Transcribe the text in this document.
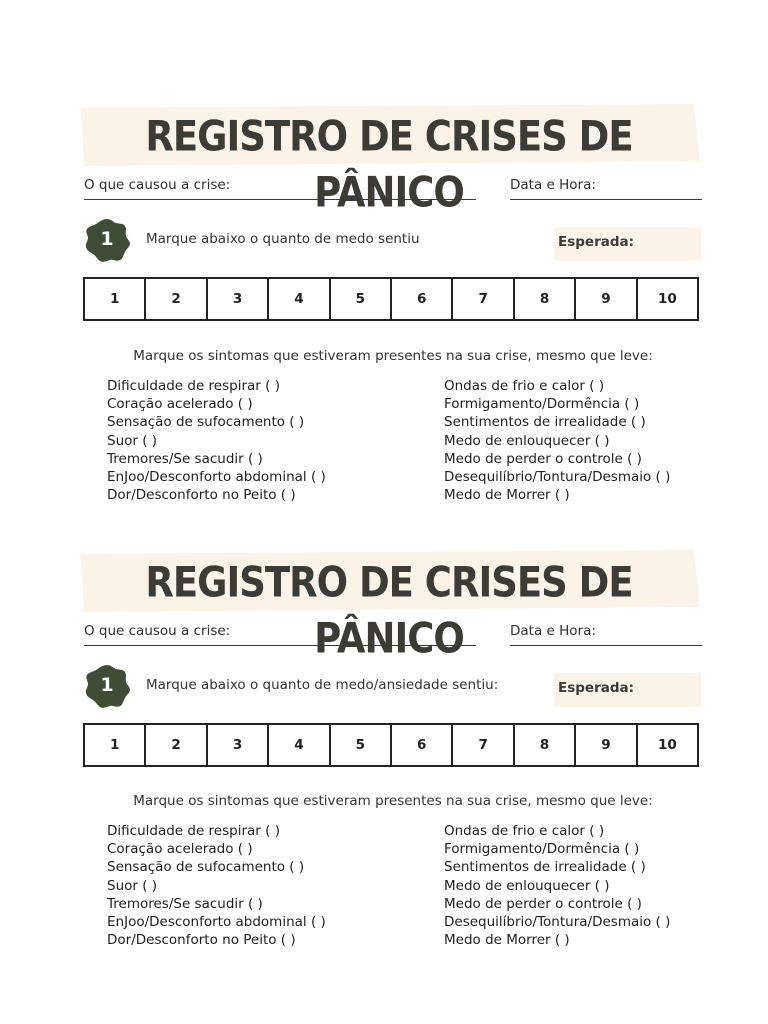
REGISTRO DE CRISES DE PÂNICO
O que causou a crise:	Data e Hora:
1	Marque abaixo o quanto de medo sentiu	Esperada:
1	2	3	4	5	6	7	8	9	10
Marque os sintomas que estiveram presentes na sua crise, mesmo que leve:
Dificuldade de respirar ( )
Coração acelerado ( )
Sensação de sufocamento ( )
Suor ( )
Tremores/Se sacudir ( )
EnJoo/Desconforto abdominal ( )
Dor/Desconforto no Peito ( )
Ondas de frio e calor ( )
Formigamento/Dormência ( )
Sentimentos de irrealidade ( )
Medo de enlouquecer ( )
Medo de perder o controle ( )
Desequilíbrio/Tontura/Desmaio ( )
Medo de Morrer ( )
REGISTRO DE CRISES DE PÂNICO
O que causou a crise:	Data e Hora:
1	Marque abaixo o quanto de medo/ansiedade sentiu:	Esperada:
1	2	3	4	5	6	7	8	9	10
Marque os sintomas que estiveram presentes na sua crise, mesmo que leve:
Dificuldade de respirar ( )
Coração acelerado ( )
Sensação de sufocamento ( )
Suor ( )
Tremores/Se sacudir ( )
EnJoo/Desconforto abdominal ( )
Dor/Desconforto no Peito ( )
Ondas de frio e calor ( )
Formigamento/Dormência ( )
Sentimentos de irrealidade ( )
Medo de enlouquecer ( )
Medo de perder o controle ( )
Desequilíbrio/Tontura/Desmaio ( )
Medo de Morrer ( )
